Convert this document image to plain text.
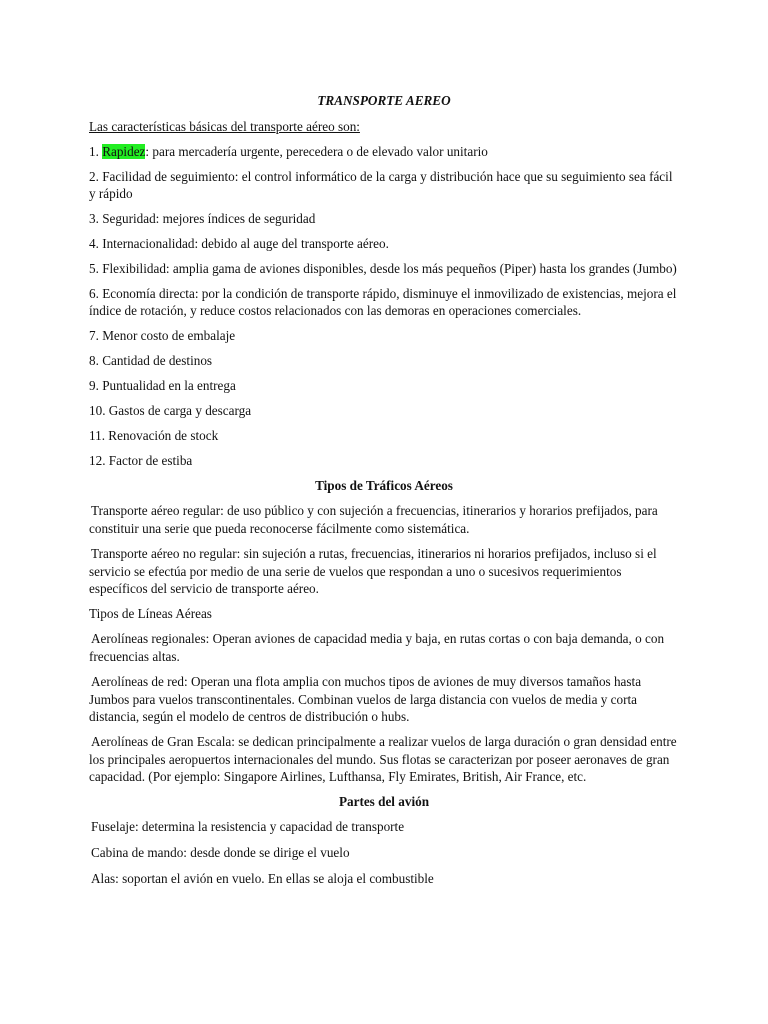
TRANSPORTE AEREO

Las características básicas del transporte aéreo son:

1. Rapidez: para mercadería urgente, perecedera o de elevado valor unitario

2. Facilidad de seguimiento: el control informático de la carga y distribución hace que su seguimiento sea fácil y rápido

3. Seguridad: mejores índices de seguridad

4. Internacionalidad: debido al auge del transporte aéreo.

5. Flexibilidad: amplia gama de aviones disponibles, desde los más pequeños (Piper) hasta los grandes (Jumbo)

6. Economía directa: por la condición de transporte rápido, disminuye el inmovilizado de existencias, mejora el índice de rotación, y reduce costos relacionados con las demoras en operaciones comerciales.

7. Menor costo de embalaje

8. Cantidad de destinos

9. Puntualidad en la entrega

10. Gastos de carga y descarga

11. Renovación de stock

12. Factor de estiba

Tipos de Tráficos Aéreos

Transporte aéreo regular: de uso público y con sujeción a frecuencias, itinerarios y horarios prefijados, para constituir una serie que pueda reconocerse fácilmente como sistemática.

Transporte aéreo no regular: sin sujeción a rutas, frecuencias, itinerarios ni horarios prefijados, incluso si el servicio se efectúa por medio de una serie de vuelos que respondan a uno o sucesivos requerimientos específicos del servicio de transporte aéreo.

Tipos de Líneas Aéreas

Aerolíneas regionales: Operan aviones de capacidad media y baja, en rutas cortas o con baja demanda, o con frecuencias altas.

Aerolíneas de red: Operan una flota amplia con muchos tipos de aviones de muy diversos tamaños hasta Jumbos para vuelos transcontinentales. Combinan vuelos de larga distancia con vuelos de media y corta distancia, según el modelo de centros de distribución o hubs.

Aerolíneas de Gran Escala: se dedican principalmente a realizar vuelos de larga duración o gran densidad entre los principales aeropuertos internacionales del mundo. Sus flotas se caracterizan por poseer aeronaves de gran capacidad. (Por ejemplo: Singapore Airlines, Lufthansa, Fly Emirates, British, Air France, etc.

Partes del avión

Fuselaje: determina la resistencia y capacidad de transporte

Cabina de mando: desde donde se dirige el vuelo

Alas: soportan el avión en vuelo. En ellas se aloja el combustible
